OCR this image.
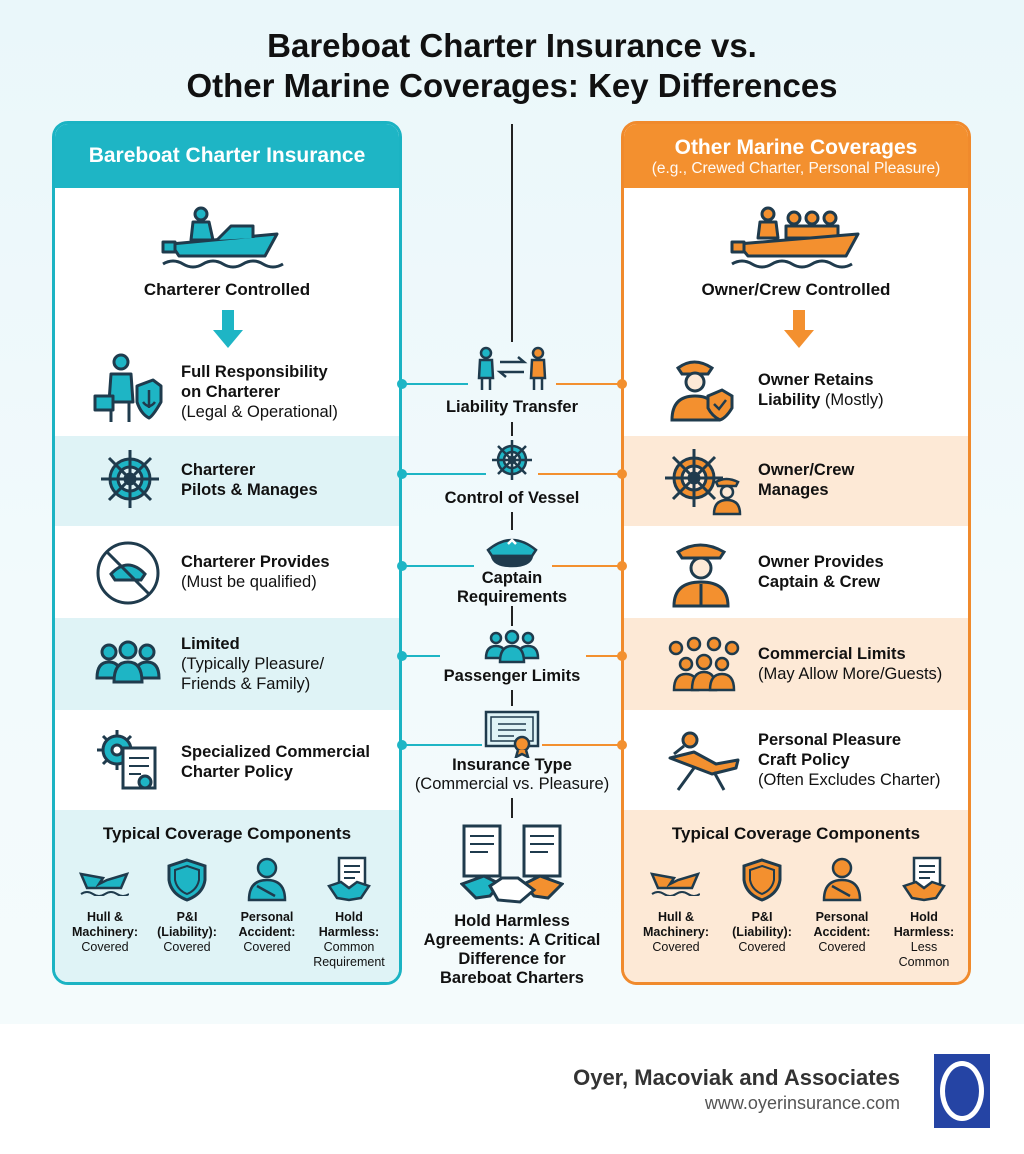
Bareboat Charter Insurance vs.
Other Marine Coverages: Key Differences
Bareboat Charter Insurance
Charterer Controlled
Full Responsibility
on Charterer
(Legal & Operational)
Charterer
Pilots & Manages
Charterer Provides
(Must be qualified)
Limited
(Typically Pleasure/
Friends & Family)
Specialized Commercial
Charter Policy
Typical Coverage Components
Hull &
Machinery:
Covered
P&I
(Liability):
Covered
Personal
Accident:
Covered
Hold
Harmless:
Common
Requirement
Other Marine Coverages
(e.g., Crewed Charter, Personal Pleasure)
Owner/Crew Controlled
Owner Retains
Liability (Mostly)
Owner/Crew
Manages
Owner Provides
Captain & Crew
Commercial Limits
(May Allow More/Guests)
Personal Pleasure
Craft Policy
(Often Excludes Charter)
Typical Coverage Components
Hull &
Machinery:
Covered
P&I
(Liability):
Covered
Personal
Accident:
Covered
Hold
Harmless:
Less
Common
Liability Transfer
Control of Vessel
Captain
Requirements
Passenger Limits
Insurance Type
(Commercial vs. Pleasure)
Hold Harmless
Agreements: A Critical
Difference for
Bareboat Charters
Oyer, Macoviak and Associates
www.oyerinsurance.com
